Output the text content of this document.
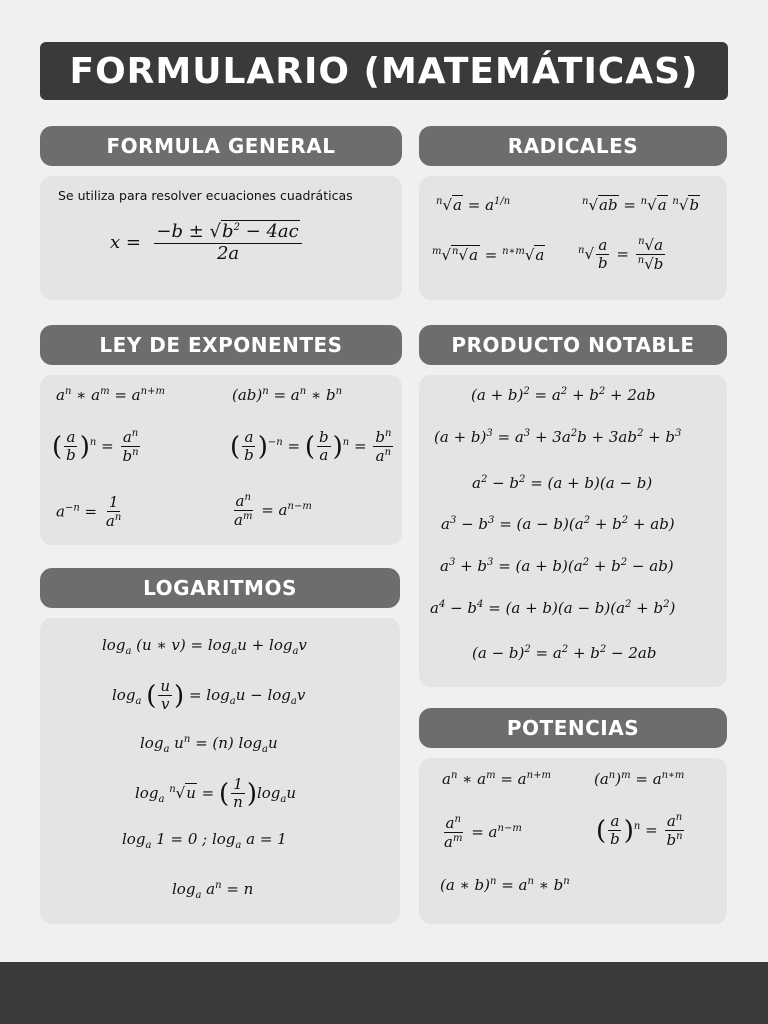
FORMULARIO (MATEMÁTICAS)
FORMULA GENERAL
Se utiliza para resolver ecuaciones cuadráticas
$x = \frac{-b \pm √b^2 - 4ac}{2a}$
RADICALES
$^n√a = a^{1/n}$	$^n$√ab = $^n$√a $^n$√b
$^m$√$^n$√a = $^{n∗m}$√a	$^n√ \frac{a}{b} = \frac{^n√a}{^n√b}$
LEY DE EXPONENTES
$a^n$ ∗ $a^m = a^{n+m}$	$(ab)^n = a^n$ ∗ $b^n$
( $\frac{a}{b} )^n = \frac{a^n}{b^n}$	( $\frac{a}{b} )^{-n}$ = ( $\frac{b}{a} )^n = \frac{b^n}{a^n}$
$a^{-n} = \frac{1}{a^n}$	$\frac{a^n}{a^m} = a^{n-m}$
PRODUCTO NOTABLE
$(a + b)^2 = a^2 + b^2 + 2ab$
$(a + b)^3 = a^3 + 3a^2b + 3ab^2 + b^3$
$a^2 - b^2 = (a + b)(a - b)$
$a^3 - b^3 = (a - b)(a^2 + b^2 + ab)$
$a^3 + b^3 = (a + b)(a^2 + b^2 - ab)$
$a^4 - b^4 = (a + b)(a - b)(a^2 + b^2)$
$(a - b)^2 = a^2 + b^2 - 2ab$
LOGARITMOS
$\log_a (u$ ∗ $v) = \log_au + \log_av$
$\log_a$ ( $\frac{u}{v}$ ) = $\log_au - \log_av$
$\log_a u^n = (n)$ $\log_au$
$\log_a ^n√u$ = ( $\frac{1}{n} )\log_au$
$\log_a 1 = 0$ ; $\log_a a = 1$
$\log_a a^n = n$
POTENCIAS
$a^n$ ∗ $a^m = a^{n+m}$	$(a^n)^m = a^{n∗m}$
$\frac{a^n}{a^m} = a^{n-m}$	( $\frac{a}{b} )^n = \frac{a^n}{b^n}$
(a ∗ $b)^n = a^n$ ∗ $b^n$
